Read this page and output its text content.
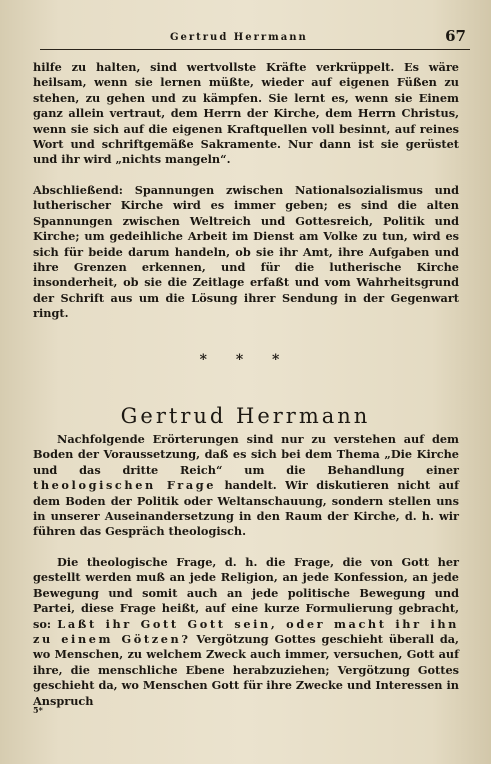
Gertrud Herrmann	67

hilfe zu halten, sind wertvollste Kräfte verkrüppelt. Es wäre heilsam, wenn sie lernen müßte, wieder auf eigenen Füßen zu stehen, zu gehen und zu kämpfen. Sie lernt es, wenn sie Einem ganz allein vertraut, dem Herrn der Kirche, dem Herrn Christus, wenn sie sich auf die eigenen Kraftquellen voll besinnt, auf reines Wort und schriftgemäße Sakramente. Nur dann ist sie gerüstet und ihr wird „nichts mangeln“.

Abschließend: Spannungen zwischen Nationalsozialismus und lutherischer Kirche wird es immer geben; es sind die alten Spannungen zwischen Weltreich und Gottesreich, Politik und Kirche; um gedeihliche Arbeit im Dienst am Volke zu tun, wird es sich für beide darum handeln, ob sie ihr Amt, ihre Aufgaben und ihre Grenzen erkennen, und für die lutherische Kirche insonderheit, ob sie die Zeitlage erfaßt und vom Wahrheitsgrund der Schrift aus um die Lösung ihrer Sendung in der Gegenwart ringt.

* * *
Gertrud Herrmann

Nachfolgende Erörterungen sind nur zu verstehen auf dem Boden der Voraussetzung, daß es sich bei dem Thema „Die Kirche und das dritte Reich“ um die Behandlung einer theologischen Frage handelt. Wir diskutieren nicht auf dem Boden der Politik oder Weltanschauung, sondern stellen uns in unserer Auseinandersetzung in den Raum der Kirche, d. h. wir führen das Gespräch theologisch.

Die theologische Frage, d. h. die Frage, die von Gott her gestellt werden muß an jede Religion, an jede Konfession, an jede Bewegung und somit auch an jede politische Bewegung und Partei, diese Frage heißt, auf eine kurze Formulierung gebracht, so: Laßt ihr Gott Gott sein, oder macht ihr ihn zu einem Götzen? Vergötzung Gottes geschieht überall da, wo Menschen, zu welchem Zweck auch immer, versuchen, Gott auf ihre, die menschliche Ebene herabzuziehen; Vergötzung Gottes geschieht da, wo Menschen Gott für ihre Zwecke und Interessen in Anspruch

5*
